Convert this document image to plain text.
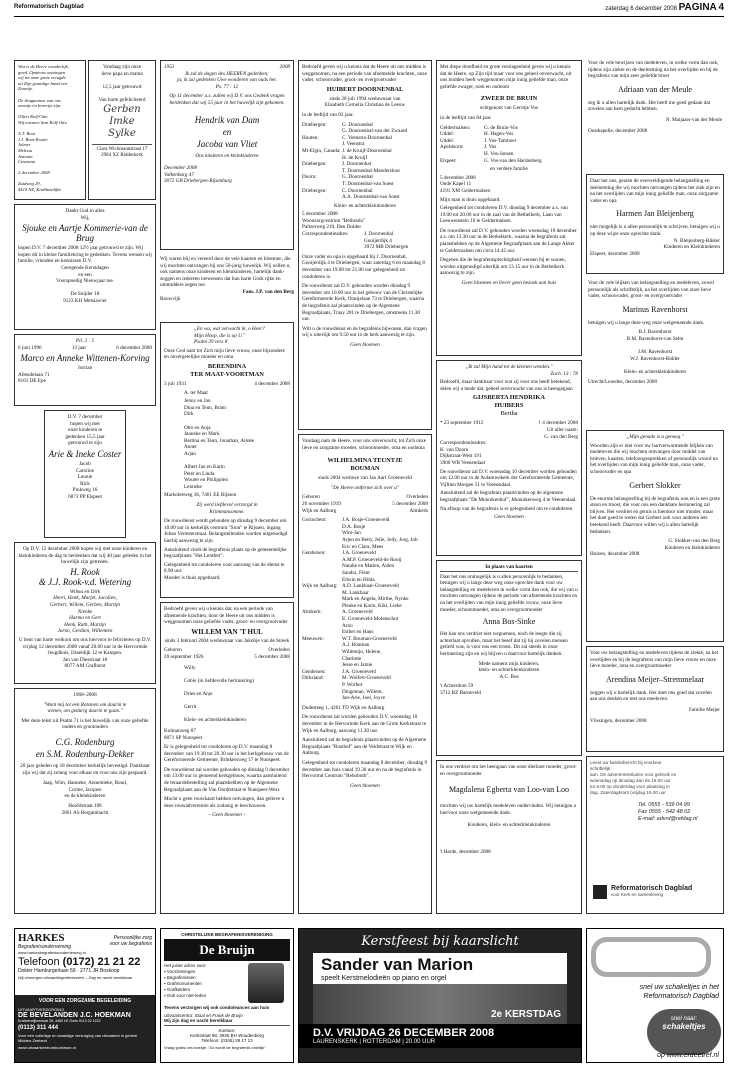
Reformatorisch Dagblad	zaterdag 6 december 2008 PAGINA 4
Wat is de Heere wonderlijk,
goed. Opnieuw ontvingen
wij tot onze grote vreugde
uit Zijn genadige hand een
Zoontje.

De dragmanen van ons
zoontje en broertje zijn:

Olfert Rolf-Otto
Wij noemen hem Rolf-Otto

A.T. Boot
J.J. Boot-Koster
Jelmer
Melissa
Antonia
Cassiana

2 december 2008

Zuidweg 29,
4419 NZ, Krabbendijke
Vandaag zijn onze
lieve papa en mama

12,5 jaar getrouwd

Van harte gefeliciteerd
Gerben
Imke
Sylke
Clara Wichmannstraat 17
2984 XZ Ridderkerk
Dankt God in alles
Wij,
Sjouke en Aartje Kommerie-van de Brug
hopen D.V. 7 december 2008 12½ jaar getrouwd te zijn. Wij hopen dit in kleine familiekring te gedenken. Tevens wensen wij familie, vrienden en kennissen D.V.
Geregende Kerstdagen
en een
Voorspoedig Nieuwjaar toe.

De Snijder 18
9123 KH Metslawier
Pil. 2 : 5
6 juni 1996	13 jaar	6 december 2008
Marco en Anneke Wittenen-Korving
Jurrian
Allendelaan 71
8161 DE Epe
D.V. 7 december
hopen wij met
onze kinderen te
gedenken 15,5 jaar
getrouwd te zijn
Arie & Ineke Coster
Jacob
Caroline
Leonie
Rick
Pinkweg 16
6873 PP Elspeet
Op D.V. 12 december 2008 hopen wij met onze kinderen en kleinkinderen de dag te herdenken dat wij 40 jaar geleden in het huwelijk zijn getreden.
H. Rook
& J.J. Rook-v.d. Wetering
Wilma en Dirk
Henri, Henk, Marjet, Jacolien,
Gerbert, Willem, Gerben, Martijn
Nienke
Harma en Gert
Henk, Ruth, Martijn
Jarno, Gerdien, Willemien
U bent van harte welkom om ons hiervoor te feliciteren op D.V. vrijdag 12 december 2008 vanaf 20.00 uur in de Hervormde Jeugdhuis, IJsseldijk 12 te Kampen.
Jan van Diesstraat 18
8077 AM Grafhorst
1968–2008
"Want mij tot een Rotsteen om daarin te
wonen, om gedurig daarin te gaan."
Met deze tekst uit Psalm 71 is het huwelijk van onze geliefde ouders en grootouders
C.G. Rodenburg
en S.M. Rodenburg-Dekker
20 jaar geleden op 18 december kerkelijk bevestigd. Dankbaar zijn wij dat zij zolang voor elkaar en voor ons zijn gespaard.
Jaap, Wim, Hanneke, Annemieke, Ruud,
Corine, Jacques
en de kleinkinderen
Hoofdstraat 108
2861 AS Bergambacht
1953	2008
Ik zal de dagen des HEEREN gedenken;
ja, ik zal gedenken Uwe wonderen van ouds her.
Ps. 77 : 12
Op 11 december a.s. zullen wij D.V. ons Gedenk vragen herdenken dat wij 55 jaar in het huwelijk zijn gekomen.
Hendrik van Dam
en
Jacoba van Vliet
Ons kinderen en kleinkinderen
December 2008
Valkenburg 47
3072 GB Driebergen-Rijsenburg
Wij waren blij en vereerd door de vele kaarten en bloemen, die wij mochten ontvangen bij ons 50-jarig huwelijk. Wij willen u, ook namens onze kinderen en kleinkinderen, hartelijk dank-zeggen en iedereen toewensen dat hun harte Gods rijke en ommiddere zegen toe.
Fam. J.P. van den Berg
Rouwvijk
„En wa, wat verwacht ik, o Heer?
Mijn Hoop, die is op U."
Psalm 39 vers 8
Onze God nam tot Zich mijn lieve vrouw, onze bijzondere en onvergetelijke moeder en oma
BERENDINA
TER MAAT-VOORTMAN
3 juli 1931	4 december 2008
A. ter Maat
Jenny en Jan
Dina en Teun, Bram
Dirk

Otto en Anja
Janneke en Mark
Bertina en Teun, Jonathan, Aimée
Annet
Arjan

Albert Jan en Karin
Peter en Linda
Wouter en Philippien
Lenneke
Markoleeweg 36, 7461 EE Rijssen
Zij werd liefdevol verzorgd in
Krimmansomme.
De rouwdienst wordt gehouden op dinsdag 9 december om 10.00 uur in kerkelijk centrum "Sion" te Rijssen, ingang Johan Vermeerstraat. Belangstellenden worden uitgenodigd hierbij aanwezig te zijn.
Aansluitend vindt de begrafenis plaats op de gemeentelijke begraafplaats "Het Lentfert".
Gelegenheid tot condoleren voor aanvang van de dienst te 8.90 uur.
Moeder is thuis opgebaard.
Bedroefd geven wij u kennis dat, na een periode van afnemende krachten, door de Heere uit ons midden is weggenomen onze geliefde vader, groot- en overgrootvader
WILLEM VAN 'T HUL
sinds 3 februari 2004 weduwnaar van Jakobje van de Streek
Geboren	Overleden
20 september 1926	5 december 2008
Willy

Cobie (in liefdevolle herinnering)

Dries en Anje

Gerrit

Klein- en achterkleinkinderen
Kolmanweg 87
8071 SP Nunspeet
Er is gelegenheid tot condoleren op D.V. maandag 8 december van 19.30 tot 20.30 uur in het kerkgebouw van de Gereformeerde Gemeente, Brinkersweg 17 te Nunspeet.
De rouwdienst zal worden gehouden op dinsdag 9 december om 13.00 uur in genoemd kerkgebouw, waarna aansluitend de teraardebestelling zal plaatshebben op de Algemene Begraafplaats aan de Van Oordtstraat te Nunspeet-West.
Mocht u geen rouwkaart hebben ontvangen, dan gelieve u deze rouwadvertentie als zodanig te beschouwen.
– Geen bloemen –
Bedroefd geven wij u kennis dat de Heere uit ons midden is weggenomen, na een periode van afnemende krachten, onze vader, schoonvader, groot- en overgrootvader
HUIBERT DOORNENBAL
sinds 28 juli 1994 weduwnaar van
Elisabeth Cornelia Christina de Leeuw
in de leeftijd van 83 jaar.
Driebergen:	G. Doornenbal
G. Doornenbal-van der Zwaard
Houten:	C. Veenstra-Doornenbal
J. Veenstra
Mt-Elgin, Canada: J. de Kruijf-Doornenbal
H. de Kruijf
Driebergen:	J. Doornenbal
T. Doornenbal-Mandersloot
Doorn:	G. Doornenbal
T. Doornenbal-van Soest
Driebergen:	C. Doornenbal
A.A. Doornenbal-van Soest
Klein- en achterkleinkinderen
5 december 2008
Woonzorgcentrum "Bethesda"
Paltzerweg 210, Den Dolder
Correspondentieadres:	J. Doornenbal
Gooijerdijk 4
3972 MB Driebergen
Onze vader en opa is opgebaard bij J. Doornenbal, Gooijerdijk 4 te Driebergen, waar zaterdag 6 en maandag 8 december van 19.00 tot 21.00 uur gelegenheid tot condoleren is.
De rouwdienst zal D.V. gehouden worden dinsdag 9 december om 10.00 uur in het gebouw van de Christelijke Gereformeerde Kerk, Oranjelaan 73 te Driebergen, waarna de begrafenis zal plaatsvinden op de Algemene Begraafplaats, Traay 201 te Driebergen, omstreeks 11.30 uur.
Wilt u de rouwdienst en de begrafenis bijwonen, dan vragen wij u uiterlijk om 9.50 uur in de kerk aanwezig te zijn.
Geen bloemen
Vandaag nam de Heere, voor ons onverwacht, tot Zich onze lieve en zorgzame moeder, schoonmoeder, oma en oudoma
WILHELMINA TEUNTJE
BOUMAN
sinds 2004 weduwe van Jan Aart Groeneveld
"De Heere ontferme zich over u"
Geboren	Overleden
26 november 1919	5 december 2008
Wijk en Aalburg	Almkerk
Gorinchem:	J.A. Bosje-Groeneveld
D.A. Bosje
Wim-Jan
Arjen en Betty, Jelle, Jody, Jorg, Job
Eric en Clara, Mees
Gendersen:	J.A. Groeneveld
A.M.P. Groeneveld-de Rooij
Natalie en Matien, Aiden
Sandra, Fleur
Edwin en Hilda
Wijk en Aalburg: A.D. Lankhaar-Groeneveld
M. Lankhaar
Mark en Angela, Mirthe, Nynke
Pleuke en Karin, Kiki, Lieke
Almkerk:	A. Groeneveld
E. Groeneveld-Molenschot
Arno
Esther en Hans
Meeuwen:	W.T. Bouman-Groeneveld
A.J. Bouman
Willemijn, Helene,
Charlotte
Jesse en Jamie
Gendersen:	J.A. Groeneveld
Dirksland:	M. Wolfert-Groeneveld
P. Wolfert
Dingeman, Willem,
Jan-Arie, Joel, Joyce
Dodesteeg 1, 4261 TD Wijk en Aalburg
De rouwdienst zal worden gehouden D.V. woensdag 10 december in de Hervormde Kerk aan de Grote Kerkstraat te Wijk en Aalburg, aanvang 11.30 uur.
Aansluitend zal de begrafenis plaatsvinden op de Algemene Begraafplaats "Rusthof" aan de Veldstraat te Wijk en Aalburg.
Gelegenheid tot condoleren maandag 8 december, dinsdag 9 december aan huis vanaf 19.30 uur en na de begrafenis in Hervormd Centrum "Rehoboth".
Geen bloemen
Met diepe droefheid en grote verslagenheid geven wij u kennis dat de Heere, op Zijn tijd maar voor ons geheel onverwacht, uit ons midden heeft weggenomen mijn innig geliefde man, onze geliefde zwager, oom en oudoom
ZWEER DE BRUIN
echtgenoot van Gerritje Vos
in de leeftijd van 84 jaar.
Geldermalsen:	G. de Bruin-Vos
Uddel:	H. Hagen-Vos
Uddel:	J. Vos-Tamboer
Apeldoorn:	J. Vos
H. Vos-Jansen
Elspeet:	G. Vos-van den Hardenberg
en verdere familie
5 december 2008
Oude Kapel 11
4191 XM Geldermalsen
Mijn man is thuis opgebaard.
Gelegenheid tot condoleren D.V. dinsdag 9 december a.s. van 19.00 tot 20.00 uur in de zaal van de Bethelkerk, Laan van Leeuwenstein 10 te Geldermalsen.
De rouwdienst zal D.V. gehouden worden woensdag 10 december a.s. om 13.30 uur in de Bethelkerk, waarna de begrafenis zal plaatshebben op de Algemene Begraafplaats aan de Lange Akker te Geldermalsen om circa 14.45 uur.
Degenen die de begrafenisplechtigheid wensen bij te wonen, worden uitgenodigd uiterlijk om 13.15 uur in de Bethelkerk aanwezig te zijn.
Geen bloemen en liever geen bezoek aan huis
„Ik zal Mijn hand tot de kleinen wenden."
Zach. 13 : 7b
Bedroefd, maar dankbaar voor wat zij voor ons heeft betekend, delen wij u mede dat, geheel onverwacht van ons is heengegaan
GIJSBERTA HENDRIKA
HUIBERS
Bertha
* 23 september 1912	† 4 december 2008
Uit aller naam:
G. van den Berg
Correspondentieadres:
K. van Doorn
Dijkstraat-West 191
3906 WB Veenendaal
De rouwdienst zal D.V. woensdag 10 december worden gehouden om 12.00 uur in de Aulamwekerk der Gereformeerde Gemeente, Vijftien Morgen 51 te Veenendaal.
Aansluitend zal de begrafenis plaatsvinden op de algemene begraafplaats "De Munnikenhof", Munnikenweg 4 te Veenendaal.
Na afloop van de begrafenis is er gelegenheid om te condoleren.
Geen bloemen
In plaats van kaarten
Daar het ons onmogelijk is u allen persoonlijk te bedanken, betuigen wij u langs deze weg onze oprechte dank voor uw belangstelling en medeleven in welke vorm dan ook, die wij van u mochten ontvangen tijdens de periode van afnemende krachten en na het overlijden van mijn innig geliefde vrouw, onze lieve moeder, schoonmoeder, oma en overgrootmoeder
Anna Bos-Sinke
Het kan ons verdriet niet wegnemen, noch de leegte die zij achterlaat opvullen, maar het besef dat zij bij zovelen mensen geliefd was, is voor ons een troost. Dit zal steeds in onze herinnering zijn en wij blijven u daarvoor hartelijk danken.
Mede namens mijn kinderen,
klein- en achterkleinkinderen
A.C. Bos
't Achterdom 59
3712 BZ Barneveld
In ons verdriet om het heengaan van onze dierbare moeder, groot- en overgrootmoeder
Magdalena Egberta van Loo-van Loo
mochten wij uw hartelijk medeleven ondervinden. Wij betuigen u hiervoor onze welgemeende dank.
Kinderen, klein- en achterkleinkinderen
't Harde, december 2008
Voor de vele bewijzen van medeleven, in welke vorm dan ook, tijdens zijn ziekte en de deelneming na het overlijden en bij de begrafenis van mijn zeer geliefde broer
Adriaan van der Meule
zeg ik u allen hartelijk dank. Het heeft me goed gedaan dat zovelen aan hem gedacht hebben.
N. Maljaars-van der Meule
Oostkapelle, december 2008
Daar het ons, gezien de overweldigende belangstelling en deelneming die wij mochten ontvangen tijdens het ziek zijn en na het overlijden van mijn innig geliefde man, onze zorgzame vader en opa
Harmen Jan Bleijenberg
niet mogelijk is u allen persoonlijk te schrijven, betuigen wij u op deze wijze onze oprechte dank.
N. Bleijenberg-Bikker
Kinderen en Kleinkinderen
Elspeet, december 2008
Voor de vele blijken van belangstelling en medeleven, zowel persoonlijk als schriftelijk, na het overlijden van onze lieve vader, schoonvader, groot- en overgrootvader
Marinus Ravenhorst
betuigen wij u langs deze weg onze welgemeende dank.
B.J. Ravenhorst
B.M. Ravenhorst-van Selm

J.M. Ravenhorst
W.J. Ravenhorst-Ridder

Klein- en achterkleinkinderen
Utrecht/Leusden, december 2008
„Mijn genade is u genoeg."
Woorden zijn er niet voor uw hartverwarmende blijken van medeleven die wij mochten ontvangen door middel van brieven, kaarten, telefoongesprekken of persoonlijk woord na het overlijden van mijn innig geliefde man, onze vader, schoonvader en opa
Gerbert Slokker
De enorme belangstelling bij de begrafenis was en is een grote steun en troost, die voor ons een dankbare herinnering zal blijven. Het verdriet en gemis is hierdoor niet minder, maar het doet goed te weten dat Gerbert ook voor anderen iets betekend heeft. Daarvoor willen wij u allen hartelijk bedanken.
G. Slokker-van den Berg
Kinderen en kleinkinderen
Huizen, december 2008
Voor uw belangstelling en medeleven tijdens de ziekte, na het overlijden en bij de begrafenis van mijn lieve vrouw en onze lieve moeder, oma en overgrootmoeder
Arendina Meijer–Stremmelaar
zeggen wij u hartelijk dank. Het doet ons goed dat zovelen aan ons denken en met ons meeleven.
Familie Meijer
Vlissingen, december 2008
Leest uw familiebericht bij voorkeur schriftelijk
aan. De advertentiesluiten voor gebruik en
woensdag op dinsdag aan de 16.00 uur
tot 9.00 op donderdag voor plaatsing in
dag. Zaterdagkrant (vrijdag 18.00 uur
Tel. 0555 - 539 04 99
Fax 0555 - 542 48 02
E-mail: advrd@refdag.nl
Reformatorisch Dagblad
voor Kerk en samenleving
HARKES
Begrafenisonderneming
Persoonlijke zorg
voor uw begrafenis
www.harkesbegrafenisonderneming.nl
Telefoon (0172) 21 21 22
Dokter Hamburgerlaan 59 · 2771 JR Boskoop
Wij verzorgen uitvaartbegrafenisseen – Dag en nacht bereikbaar
VOOR EEN ZORGZAME BEGELEIDING
UITVAARTVERZORGING
DE BEVELANDEN J.C. HOEKMAN
Krabbendijkestraat 28, 4460 HJ Goes 0113 22 2222
(0113) 311 444
Voor een volledige en waardige verzorging van uitvaarten in geheel Midden-Zeeland
www.uitvaartcentrumhoekman.nl
CHRISTELIJKE BEGRAFENISVERENIGING
De Bruijn
Het juiste adres voor:
▪ Voorzieningen
▪ Begrafenissen
▪ Grafmonumenten
▪ Grafkelders
▪ Ook voor niet-leden
Tevens verzorgen wij ook condoleances aan huis
Uitvaartcentra: Staal en Frank de Bruijn
Wij zijn dag en nacht bereikbaar
Kantoor:
Kerkstraat 98, 3925 BH Woudenberg
Telefoon: (0346) 28 17 13
Vraag gratis ons boekje: "Zo wordt de begrafenis ordelijk"
Kerstfeest bij kaarslicht
Sander van Marion
speelt Kerstmelodieën op piano en orgel
2e KERSTDAG
D.V. VRIJDAG 26 DECEMBER 2008
LAURENSKERK | ROTTERDAM | 20.00 UUR
snel uw schakeltjes in het
Reformatorisch Dagblad
snel naar:
schakeltjes
op www.erdeetref.nl
